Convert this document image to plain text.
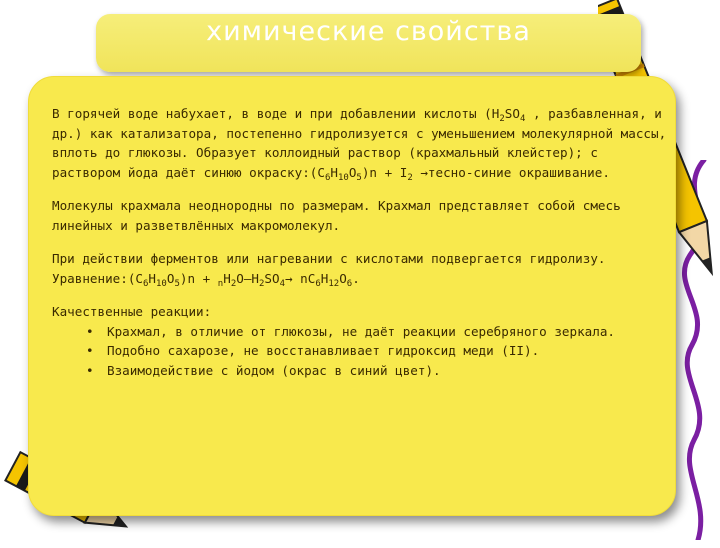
химические свойства

В горячей воде набухает, в воде и при добавлении кислоты ($H_2SO_4$ , разбавленная, и др.) как катализатора, постепенно гидролизуется с уменьшением молекулярной массы, вплоть до глюкозы. Образует коллоидный раствор (крахмальный клейстер); с раствором йода даёт синюю $окраску:(C_6H_{10}O_5)n + I_2$ →тесно-синие окрашивание.

Молекулы крахмала неоднородны по размерам. Крахмал представляет собой смесь линейных и разветвлённых макромолекул.

При действии ферментов или нагревании с кислотами подвергается гидролизу. $Уравнение:(C_6H_{10}O_5)n$ + $_nH_2O—H_2SO_4\to nC_6H_{12}O_6$.

Качественные реакции:
• Крахмал, в отличие от глюкозы, не даёт реакции серебряного зеркала.
• Подобно сахарозе, не восстанавливает гидроксид меди (II).
• Взаимодействие с йодом (окрас в синий цвет).
